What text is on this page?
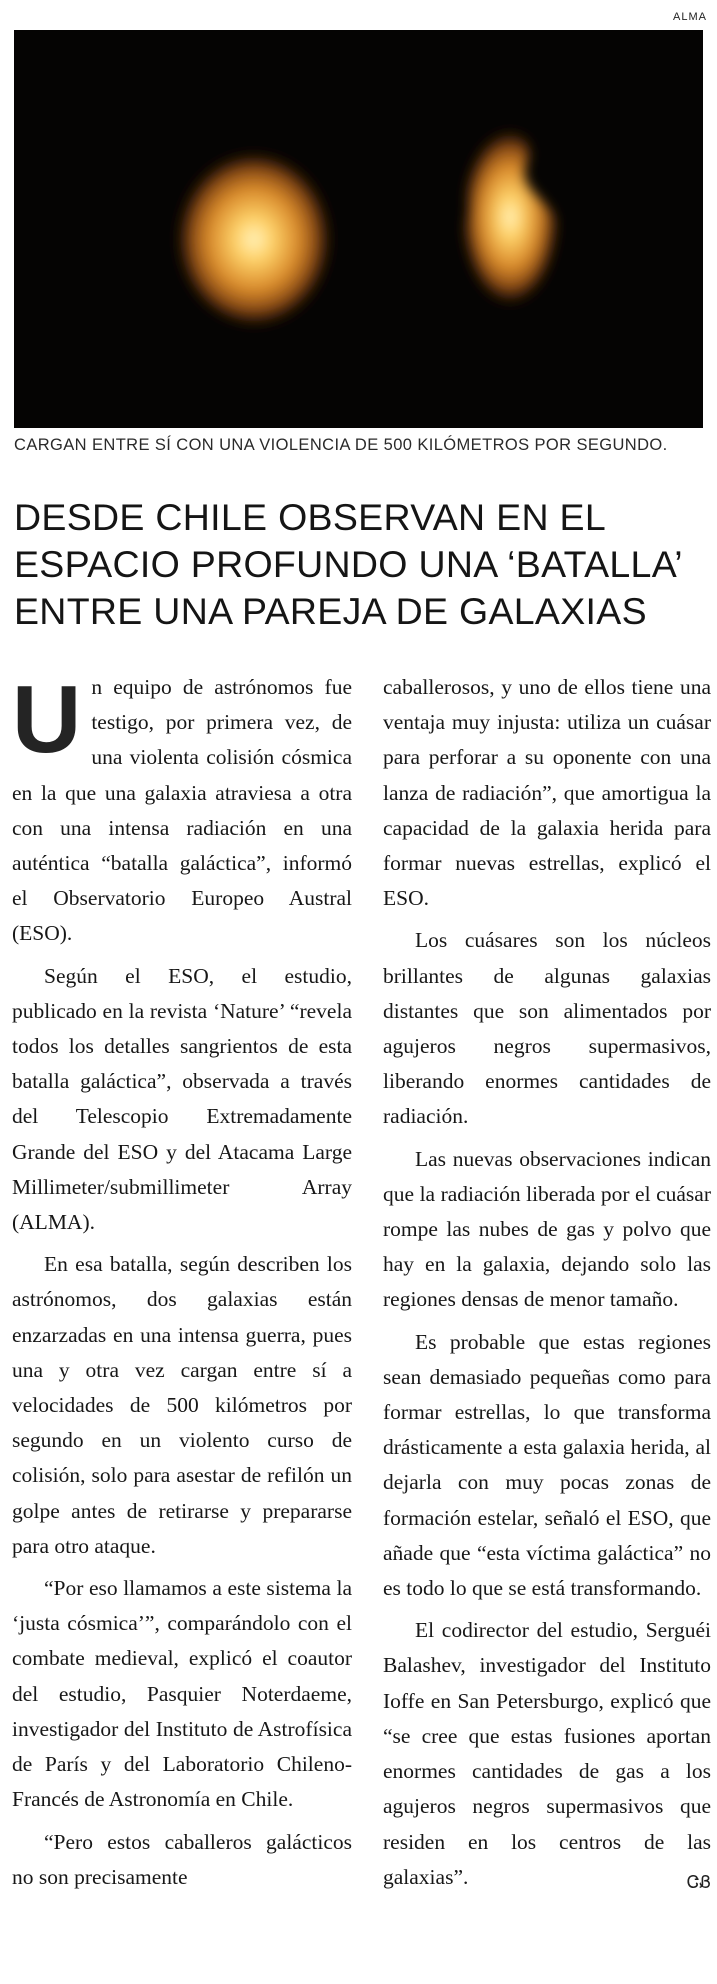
ALMA
CARGAN ENTRE SÍ CON UNA VIOLENCIA DE 500 KILÓMETROS POR SEGUNDO.
DESDE CHILE OBSERVAN EN EL
ESPACIO PROFUNDO UNA ‘BATALLA’
ENTRE UNA PAREJA DE GALAXIAS

Un equipo de astrónomos fue testigo, por primera vez, de una violenta colisión cósmica en la que una galaxia atraviesa a otra con una intensa radiación en una auténtica “batalla galáctica”, informó el Observatorio Europeo Austral (ESO).

Según el ESO, el estudio, publicado en la revista ‘Nature’ “revela todos los detalles sangrientos de esta batalla galáctica”, observada a través del Telescopio Extremadamente Grande del ESO y del Atacama Large Millimeter/submillimeter Array (ALMA).

En esa batalla, según describen los astrónomos, dos galaxias están enzarzadas en una intensa guerra, pues una y otra vez cargan entre sí a velocidades de 500 kilómetros por segundo en un violento curso de colisión, solo para asestar de refilón un golpe antes de retirarse y prepararse para otro ataque.

“Por eso llamamos a este sistema la ‘justa cósmica’”, comparándolo con el combate medieval, explicó el coautor del estudio, Pasquier Noterdaeme, investigador del Instituto de Astrofísica de París y del Laboratorio Chileno-Francés de Astronomía en Chile.

“Pero estos caballeros galácticos no son precisamente

caballerosos, y uno de ellos tiene una ventaja muy injusta: utiliza un cuásar para perforar a su oponente con una lanza de radiación”, que amortigua la capacidad de la galaxia herida para formar nuevas estrellas, explicó el ESO.

Los cuásares son los núcleos brillantes de algunas galaxias distantes que son alimentados por agujeros negros supermasivos, liberando enormes cantidades de radiación.

Las nuevas observaciones indican que la radiación liberada por el cuásar rompe las nubes de gas y polvo que hay en la galaxia, dejando solo las regiones densas de menor tamaño.

Es probable que estas regiones sean demasiado pequeñas como para formar estrellas, lo que transforma drásticamente a esta galaxia herida, al dejarla con muy pocas zonas de formación estelar, señaló el ESO, que añade que “esta víctima galáctica” no es todo lo que se está transformando.

El codirector del estudio, Serguéi Balashev, investigador del Instituto Ioffe en San Petersburgo, explicó que “se cree que estas fusiones aportan enormes cantidades de gas a los agujeros negros supermasivos que residen en los centros de las galaxias”.	ᏣᏰ
